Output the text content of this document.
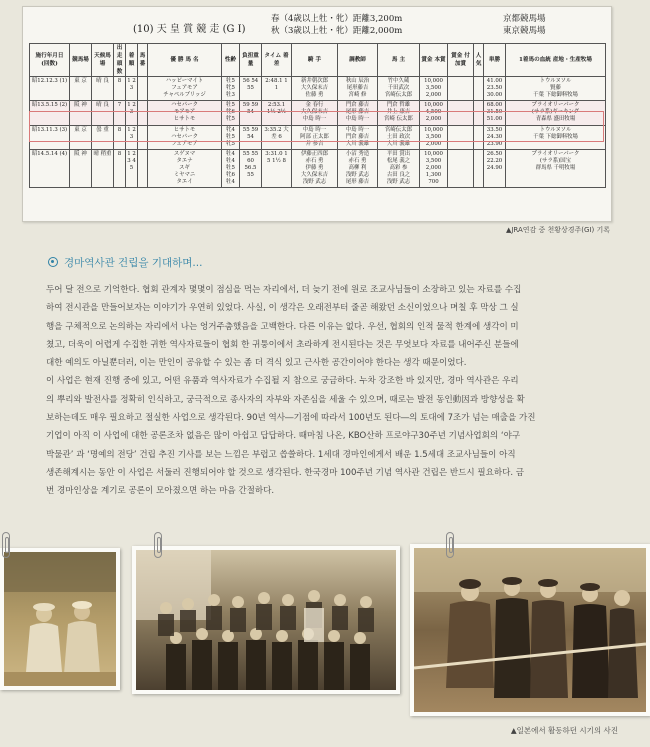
(10) 天 皇 賞 競 走 (G I)
春（4歳以上牡・牝）距離3,200m
秋（3歳以上牡・牝）距離2,000m
京都競馬場
東京競馬場
施行年月日 (回数)	競馬場	天候馬場	出走頭数	着順	馬番	優 勝 馬 名	性齢	負担重量	タイム 着差	騎 手	調教師	馬 主	賞金 本賞	賞金 付加賞	人気	単勝	1着馬の血統 産地・生産牧場
昭12.12.3 (1)	東 京	晴 良	8	1 2 3		ハッピーマイト
フェアモア
チャペルブリッジ	牡5 牝5 牡3	56 54 55	2:48.1 1 1	新井朝次郎
大久保末吉
佐藤 勇	秋山 辰治
尾形藤吉
宮崎 修	竹中久蔵
千田武次
宮崎伝太郎	10,000 3,500 2,000			41.00 23.50 30.00	トウルヌソル
賢藤
千葉 下総御料牧場
昭13.5.15 (2)	阪 神	晴 良	7	1 2 3		ハセパーク
モアモア
ヒサトモ	牡5 牝6 牝5	59 59 54	2:53.1 1½ 2½	金 春行
大久保末吉
中島 時一	門倉 藤吉
尾形 藤吉
中島 時一	門倉 哲雄
井上 康吉
宮崎 伝太郎	10,000 4,500 2,000			68.00 31.50 51.00	プライオリーパーク
(サラ系)ギーキング
青森県 盛田牧場
昭13.11.3 (3)	東 京	曇 重	8	1 2 3		ヒサトモ
ハセパーク
フェアモア	牝4 牡5 牝5	55 59 54	3:35.2 大差 6	中島 時一
阿部 正太郎
井 参吉	中島 時一
門倉 藤吉
大川 義雄	宮崎伝太郎
土田 政次
大川 義雄	10,000 3,500 2,000			33.50 24.30 23.90	トウルヌソル
千葉 下総御料牧場
昭14.5.14 (4)	阪 神	晴 稍重	8	1 2 3 4 5		スゲヌマ
タエナ
スギ
ミヤマニ
タエイ	牡4 牡4 牡5 牝6 牡4	55 55 60 56.5 55	3:31.0 1 5 1½ 8	伊藤正四郎
赤石 勇
伊藤 勇
大久保末吉
浅野 武志	小沼 秀造
赤石 勇
高柳 利
浅野 武志
尾形 藤吉	平田 賞出
松尾 義之
高彩 参
古田 良之
浅野 武志	10,000 3,500 2,000 1,300 700			26.50 22.20 24.90	プライオリーパーク
(サラ系)国宝
群馬県 千明牧場
▲JRA연감 중 천황상경주(GI) 기록
경마역사관 건립을 기대하며...

두어 달 전으로 기억한다. 협회 관계자 몇몇이 점심을 먹는 자리에서, 더 늦기 전에 원로 조교사님들이 소장하고 있는 자료를 수집
하여 전시관을 만들어보자는 이야기가 우연히 있었다. 사실, 이 생각은 오래전부터 줄곧 해왔던 소신이었으나 며칠 후 막상 그 실
행을 구체적으로 논의하는 자리에서 나는 엉거주춤했음을 고백한다. 다른 이유는 없다. 우선, 협회의 인적 물적 한계에 생각이 미
쳤고, 더욱이 어렵게 수집한 귀한 역사자료들이 협회 한 귀퉁이에서 초라하게 전시된다는 것은 무엇보다 자료를 내어주신 분들에
대한 예의도 아닐뿐더러, 이는 만인이 공유할 수 있는 좀 더 격식 있고 근사한 공간이어야 한다는 생각 때문이었다.

이 사업은 현재 진행 중에 있고, 어떤 유품과 역사자료가 수집될 지 참으로 궁금하다. 누차 강조한 바 있지만, 경마 역사관은 우리
의 뿌리와 발전사를 정확히 인식하고, 궁극적으로 종사자의 자부와 자존심을 세울 수 있으며, 때로는 발전 동인動因과 방향성을 확
보하는데도 매우 필요하고 절실한 사업으로 생각된다. 90년 역사―기점에 따라서 100년도 된다―의 토대에 7조가 넘는 매출을 가진
기업이 아직 이 사업에 대한 공론조차 없음은 많이 아쉽고 답답하다. 때마침 나온, KBO산하 프로야구30주년 기념사업회의 ‘야구
박물관’ 과 ‘명예의 전당’ 건립 추진 기사를 보는 느낌은 부럽고 씁쓸하다. 1세대 경마인에게서 배운 1.5세대 조교사님들이 아직
생존해계시는 동안 이 사업은 서둘러 진행되어야 할 것으로 생각된다. 한국경마 100주년 기념 역사관 건립은 반드시 필요하다. 금
번 경마인상을 계기로 공론이 모아졌으면 하는 마음 간절하다.

▲일본에서 활동하던 시기의 사진
